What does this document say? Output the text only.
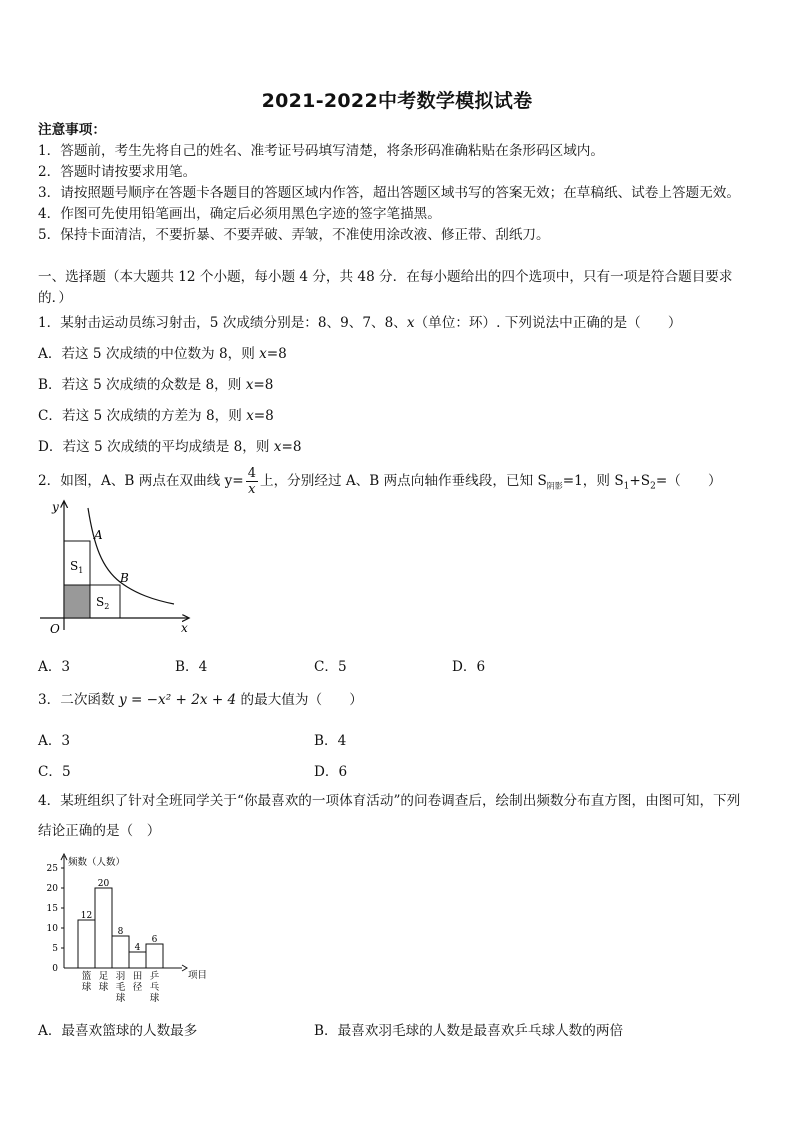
2021-2022中考数学模拟试卷
注意事项：
1．答题前，考生先将自己的姓名、准考证号码填写清楚，将条形码准确粘贴在条形码区域内。
2．答题时请按要求用笔。
3．请按照题号顺序在答题卡各题目的答题区域内作答，超出答题区域书写的答案无效；在草稿纸、试卷上答题无效。
4．作图可先使用铅笔画出，确定后必须用黑色字迹的签字笔描黑。
5．保持卡面清洁，不要折暴、不要弄破、弄皱，不准使用涂改液、修正带、刮纸刀。
一、选择题（本大题共 12 个小题，每小题 4 分，共 48 分．在每小题给出的四个选项中，只有一项是符合题目要求
的．）
1．某射击运动员练习射击，5 次成绩分别是：8、9、7、8、x（单位：环）. 下列说法中正确的是（　　）
A．若这 5 次成绩的中位数为 8，则 x=8
B．若这 5 次成绩的众数是 8，则 x=8
C．若这 5 次成绩的方差为 8，则 x=8
D．若这 5 次成绩的平均成绩是 8，则 x=8
2．如图，A、B 两点在双曲线 $y= \frac{4}{x}$ 上，分别经过 A、B 两点向轴作垂线段，已知 $S_{阴影}=1$，则 $S_1+S_2=$（　　）
y
x
O
A
B
$S_1$
$S_2$
A．3	B．4	C．5	D．6
3．二次函数 y = −x² + 2x + 4 的最大值为（　　）
A．3	B．4
C．5	D．6
4．某班组织了针对全班同学关于“你最喜欢的一项体育活动”的问卷调查后，绘制出频数分布直方图，由图可知，下列
结论正确的是（　）
频数（人数）
项目
0
5
10
15
20
25
12
篮
球
20
足
球
8
羽
毛
球
4
田
径
6
乒
乓
球
A．最喜欢篮球的人数最多	B．最喜欢羽毛球的人数是最喜欢乒乓球人数的两倍
